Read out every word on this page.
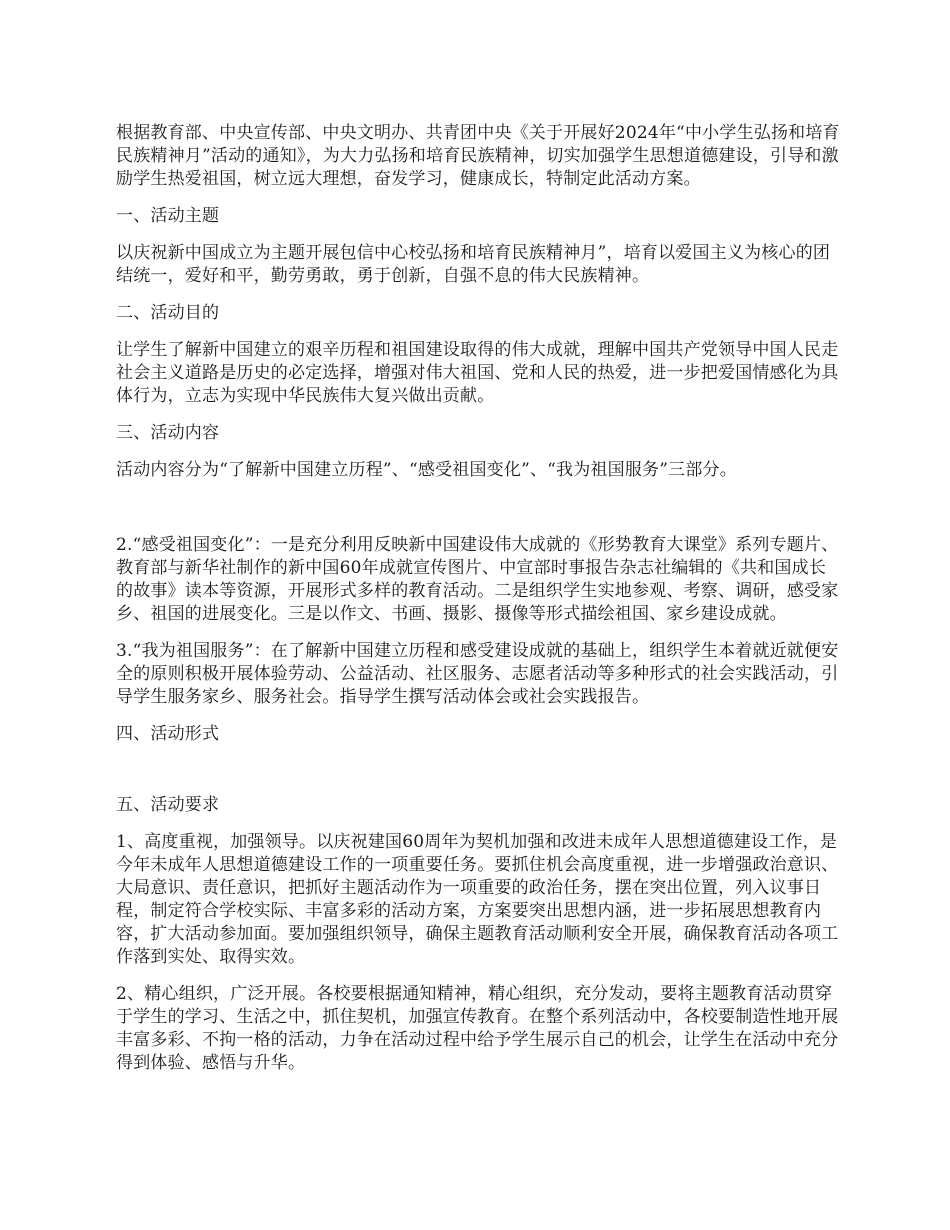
根据教育部、中央宣传部、中央文明办、共青团中央《关于开展好2024年“中小学生弘扬和培育民族精神月”活动的通知》，为大力弘扬和培育民族精神，切实加强学生思想道德建设，引导和激励学生热爱祖国，树立远大理想，奋发学习，健康成长，特制定此活动方案。

一、活动主题

以庆祝新中国成立为主题开展包信中心校弘扬和培育民族精神月”，培育以爱国主义为核心的团结统一，爱好和平，勤劳勇敢，勇于创新，自强不息的伟大民族精神。

二、活动目的

让学生了解新中国建立的艰辛历程和祖国建设取得的伟大成就，理解中国共产党领导中国人民走社会主义道路是历史的必定选择，增强对伟大祖国、党和人民的热爱，进一步把爱国情感化为具体行为，立志为实现中华民族伟大复兴做出贡献。

三、活动内容

活动内容分为“了解新中国建立历程”、“感受祖国变化”、“我为祖国服务”三部分。

2.“感受祖国变化”：一是充分利用反映新中国建设伟大成就的《形势教育大课堂》系列专题片、教育部与新华社制作的新中国60年成就宣传图片、中宣部时事报告杂志社编辑的《共和国成长的故事》读本等资源，开展形式多样的教育活动。二是组织学生实地参观、考察、调研，感受家乡、祖国的进展变化。三是以作文、书画、摄影、摄像等形式描绘祖国、家乡建设成就。

3.“我为祖国服务”：在了解新中国建立历程和感受建设成就的基础上，组织学生本着就近就便安全的原则积极开展体验劳动、公益活动、社区服务、志愿者活动等多种形式的社会实践活动，引导学生服务家乡、服务社会。指导学生撰写活动体会或社会实践报告。

四、活动形式

五、活动要求

1、高度重视，加强领导。以庆祝建国60周年为契机加强和改进未成年人思想道德建设工作，是今年未成年人思想道德建设工作的一项重要任务。要抓住机会高度重视，进一步增强政治意识、大局意识、责任意识，把抓好主题活动作为一项重要的政治任务，摆在突出位置，列入议事日程，制定符合学校实际、丰富多彩的活动方案，方案要突出思想内涵，进一步拓展思想教育内容，扩大活动参加面。要加强组织领导，确保主题教育活动顺利安全开展，确保教育活动各项工作落到实处、取得实效。

2、精心组织，广泛开展。各校要根据通知精神，精心组织，充分发动，要将主题教育活动贯穿于学生的学习、生活之中，抓住契机，加强宣传教育。在整个系列活动中，各校要制造性地开展丰富多彩、不拘一格的活动，力争在活动过程中给予学生展示自己的机会，让学生在活动中充分得到体验、感悟与升华。
